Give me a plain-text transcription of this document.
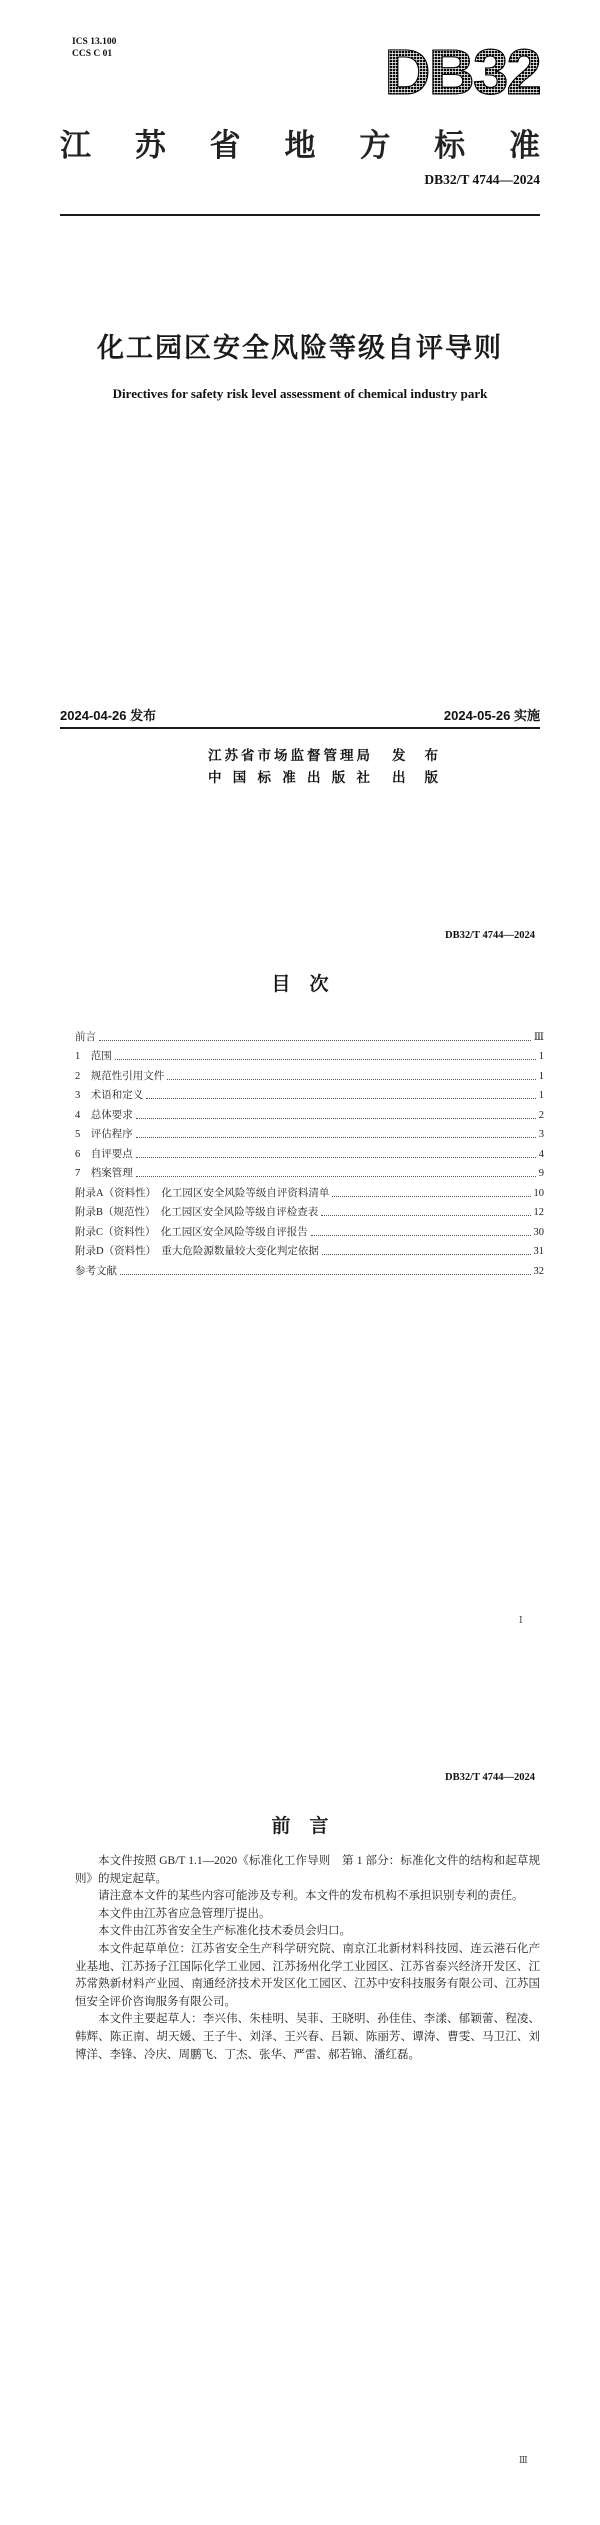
ICS 13.100
CCS C 01	DB32
江苏省地方标准
DB32/T 4744—2024
化工园区安全风险等级自评导则
Directives for safety risk level assessment of chemical industry park
2024-04-26 发布	2024-05-26 实施
江苏省市场监督管理局 发 布
中国标准出版社 出 版
DB32/T 4744—2024
目　次
前言	Ⅲ
1　范围	1
2　规范性引用文件	1
3　术语和定义	1
4　总体要求	2
5　评估程序	3
6　自评要点	4
7　档案管理	9
附录A（资料性）　化工园区安全风险等级自评资料清单	10
附录B（规范性）　化工园区安全风险等级自评检查表	12
附录C（资料性）　化工园区安全风险等级自评报告	30
附录D（资料性）　重大危险源数量较大变化判定依据	31
参考文献	32
Ⅰ
DB32/T 4744—2024
前　言

本文件按照 GB/T 1.1—2020《标准化工作导则　第 1 部分：标准化文件的结构和起草规则》的规定起草。

请注意本文件的某些内容可能涉及专利。本文件的发布机构不承担识别专利的责任。

本文件由江苏省应急管理厅提出。

本文件由江苏省安全生产标准化技术委员会归口。

本文件起草单位：江苏省安全生产科学研究院、南京江北新材料科技园、连云港石化产业基地、江苏扬子江国际化学工业园、江苏扬州化学工业园区、江苏省泰兴经济开发区、江苏常熟新材料产业园、南通经济技术开发区化工园区、江苏中安科技服务有限公司、江苏国恒安全评价咨询服务有限公司。

本文件主要起草人：李兴伟、朱桂明、吴菲、王晓明、孙佳佳、李漾、郁颖蕾、程凌、韩辉、陈正南、胡天媛、王子牛、刘泽、王兴春、吕颖、陈丽芳、谭涛、曹雯、马卫江、刘博洋、李锋、冷庆、周鹏飞、丁杰、张华、严雷、郝若锦、潘红磊。

Ⅲ
